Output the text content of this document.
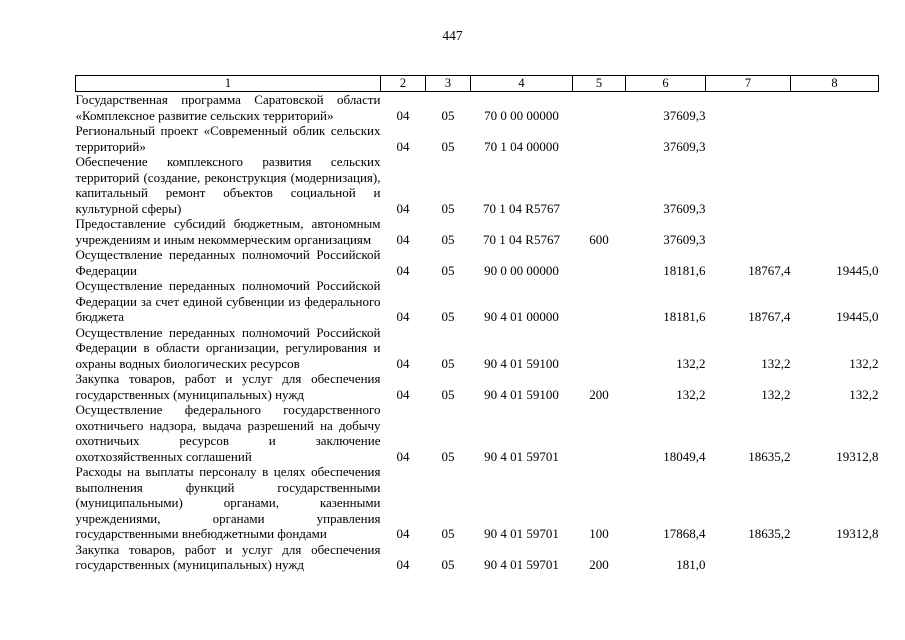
447
1	2	3	4	5	6	7	8
Государственная программа Саратовской области «Комплексное развитие сельских территорий»	04	05	70 0 00 00000		37609,3		
Региональный проект «Современный облик сельских территорий»	04	05	70 1 04 00000		37609,3		
Обеспечение комплексного развития сельских территорий (создание, реконструкция (модернизация), капитальный ремонт объектов социальной и культурной сферы)	04	05	70 1 04 R5767		37609,3		
Предоставление субсидий бюджетным, автономным учреждениям и иным некоммерческим организациям	04	05	70 1 04 R5767	600	37609,3		
Осуществление переданных полномочий Российской Федерации	04	05	90 0 00 00000		18181,6	18767,4	19445,0
Осуществление переданных полномочий Российской Федерации за счет единой субвенции из федерального бюджета	04	05	90 4 01 00000		18181,6	18767,4	19445,0
Осуществление переданных полномочий Российской Федерации в области организации, регулирования и охраны водных биологических ресурсов	04	05	90 4 01 59100		132,2	132,2	132,2
Закупка товаров, работ и услуг для обеспечения государственных (муниципальных) нужд	04	05	90 4 01 59100	200	132,2	132,2	132,2
Осуществление федерального государственного охотничьего надзора, выдача разрешений на добычу охотничьих ресурсов и заключение охотхозяйственных соглашений	04	05	90 4 01 59701		18049,4	18635,2	19312,8
Расходы на выплаты персоналу в целях обеспечения выполнения функций государственными (муниципальными) органами, казенными учреждениями, органами управления государственными внебюджетными фондами	04	05	90 4 01 59701	100	17868,4	18635,2	19312,8
Закупка товаров, работ и услуг для обеспечения государственных (муниципальных) нужд	04	05	90 4 01 59701	200	181,0		
